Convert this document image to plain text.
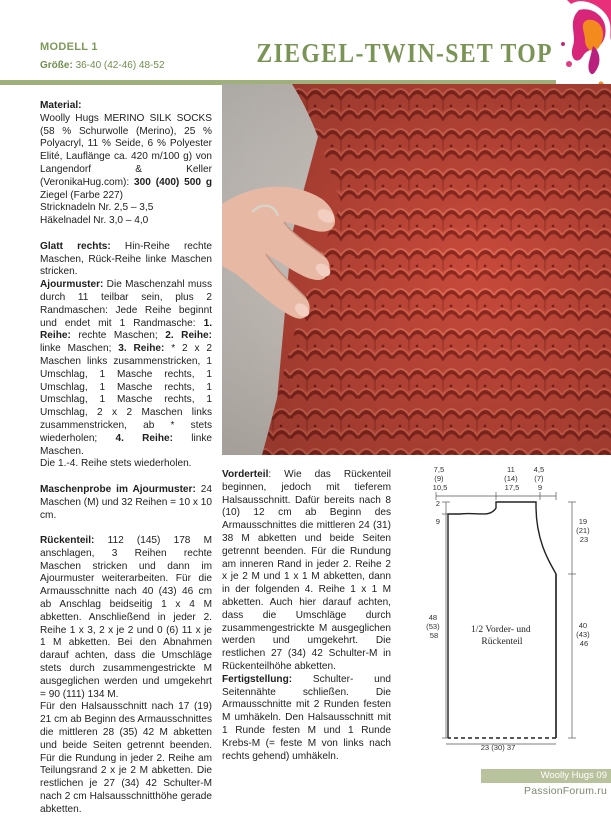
MODELL 1
Größe: 36-40 (42-46) 48-52	ZIEGEL-TWIN-SET TOP

Material:
Woolly Hugs MERINO SILK SOCKS (58 % Schurwolle (Merino), 25 % Polyacryl, 11 % Seide, 6 % Polyester Elité, Lauflänge ca. 420 m/100 g) von Langendorf & Keller (VeronikaHug.com): 300 (400) 500 g Ziegel (Farbe 227)
Stricknadeln Nr. 2,5 – 3,5
Häkelnadel Nr. 3,0 – 4,0

Glatt rechts: Hin-Reihe rechte Maschen, Rück-Reihe linke Maschen stricken.

Ajourmuster: Die Maschenzahl muss durch 11 teilbar sein, plus 2 Randmaschen: Jede Reihe beginnt und endet mit 1 Randmasche: 1. Reihe: rechte Maschen; 2. Reihe: linke Maschen; 3. Reihe: * 2 x 2 Maschen links zusammenstricken, 1 Umschlag, 1 Masche rechts, 1 Umschlag, 1 Masche rechts, 1 Umschlag, 1 Masche rechts, 1 Umschlag, 2 x 2 Maschen links zusammenstricken, ab * stets wiederholen; 4. Reihe: linke Maschen.

Die 1.-4. Reihe stets wiederholen.

Maschenprobe im Ajourmuster: 24 Maschen (M) und 32 Reihen = 10 x 10 cm.

Rückenteil: 112 (145) 178 M anschlagen, 3 Reihen rechte Maschen stricken und dann im Ajourmuster weiterarbeiten. Für die Armausschnitte nach 40 (43) 46 cm ab Anschlag beidseitig 1 x 4 M abketten. Anschließend in jeder 2. Reihe 1 x 3, 2 x je 2 und 0 (6) 11 x je 1 M abketten. Bei den Abnahmen darauf achten, dass die Umschläge stets durch zusammengestrickte M ausgeglichen werden und umgekehrt = 90 (111) 134 M.

Für den Halsausschnitt nach 17 (19) 21 cm ab Beginn des Armausschnittes die mittleren 28 (35) 42 M abketten und beide Seiten getrennt beenden. Für die Rundung in jeder 2. Reihe am Teilungsrand 2 x je 2 M abketten. Die restlichen je 27 (34) 42 Schulter-M nach 2 cm Halsausschnitthöhe gerade abketten.

Vorderteil: Wie das Rückenteil beginnen, jedoch mit tieferem Halsausschnitt. Dafür bereits nach 8 (10) 12 cm ab Beginn des Armausschnittes die mittleren 24 (31) 38 M abketten und beide Seiten getrennt beenden. Für die Rundung am inneren Rand in jeder 2. Reihe 2 x je 2 M und 1 x 1 M abketten, dann in der folgenden 4. Reihe 1 x 1 M abketten. Auch hier darauf achten, dass die Umschläge durch zusammengestrickte M ausgeglichen werden und umgekehrt. Die restlichen 27 (34) 42 Schulter-M in Rückenteilhöhe abketten.

Fertigstellung: Schulter- und Seitennähte schließen. Die Armausschnitte mit 2 Runden festen M umhäkeln. Den Halsausschnitt mit 1 Runde festen M und 1 Runde Krebs-M (= feste M von links nach rechts gehend) umhäkeln.

7,5 (9) 10,5
11 (14) 17,5
4,5 (7) 9
2
9	19 (21) 23
48 (53) 58
40 (43) 46
1/2 Vorder- und Rückenteil
23 (30) 37
Woolly Hugs 09
PassionForum.ru
